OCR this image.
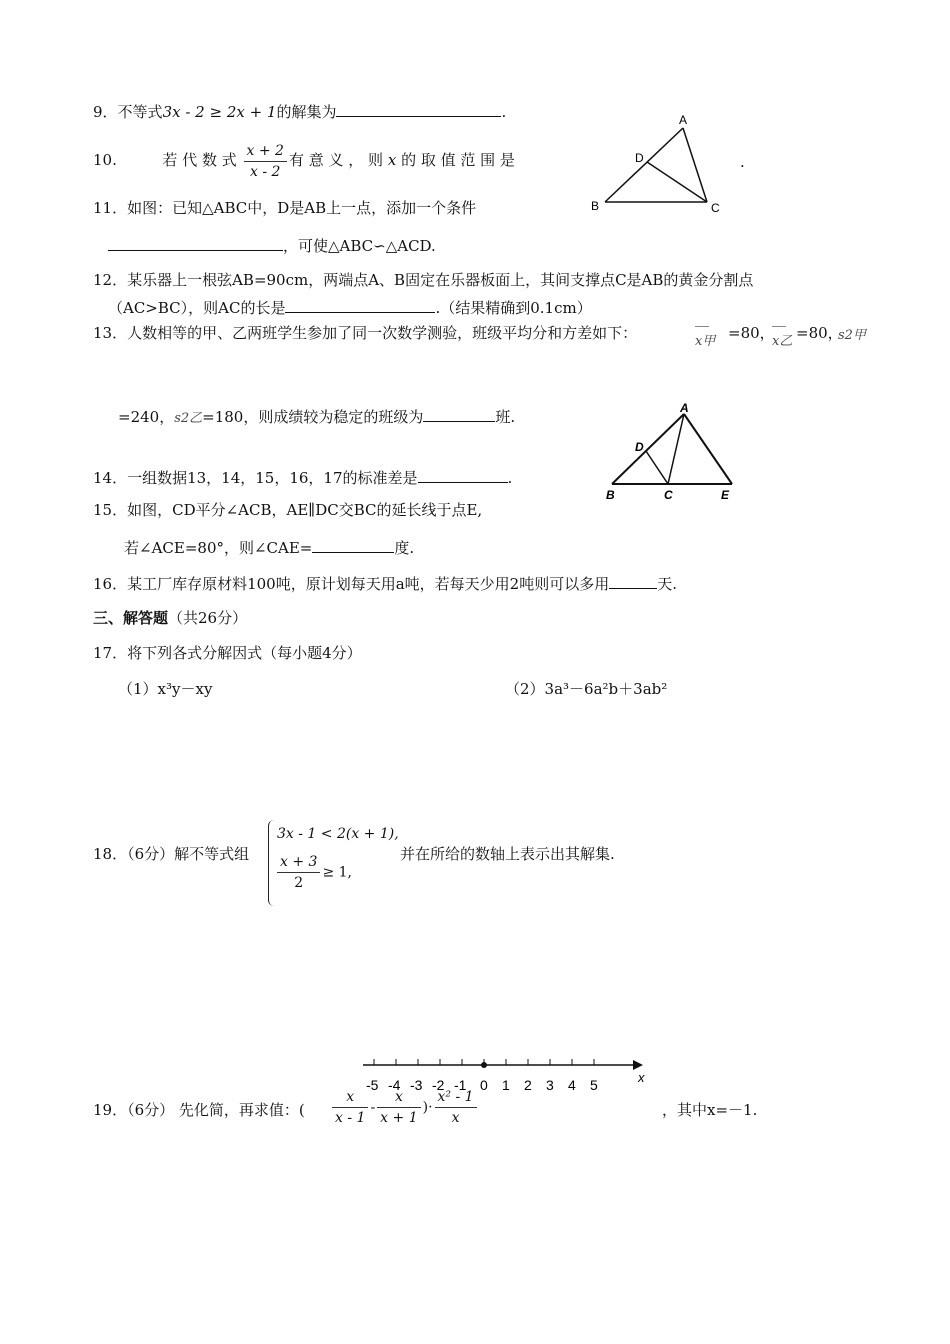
9．不等式3x - 2 ≥ 2x + 1的解集为	.
10.	若 代 数 式 $\frac{x + 2}{x - 2}$ 有 意 义 ， 则 x 的 取 值 范 围 是	.
A
B	C
D
11．如图：已知△ABC中，D是AB上一点，添加一个条件
，可使△ABC∽△ACD.
12．某乐器上一根弦AB=90cm，两端点A、B固定在乐器板面上，其间支撑点C是AB的黄金分割点
（AC>BC），则AC的长是	.（结果精确到0.1cm）
13．人数相等的甲、乙两班学生参加了同一次数学测验，班级平均分和方差如下：	x甲 =80，
x乙 =80，
s2甲
=240，s2乙=180，则成绩较为稳定的班级为	班.	A
B	C
D
E
14．一组数据13，14，15，16，17的标准差是	.
15．如图，CD平分∠ACB，AE∥DC交BC的延长线于点E,
若∠ACE=80°，则∠CAE=	度.
16．某工厂库存原材料100吨，原计划每天用a吨，若每天少用2吨则可以多用	天.
三、解答题（共26分）
17．将下列各式分解因式（每小题4分）
（1）x³y－xy	（2）3a³－6a²b＋3ab²
18．（6分）解不等式组
3x - 1 < 2(x + 1),
$\frac{x + 3}{2} \ge 1$,
并在所给的数轴上表示出其解集.
-5 -4 -3 -2 -1 0 1 2 3 4 5	x
19．（6分） 先化简，再求值：( $\frac{x}{x - 1} - \frac{x}{x + 1}$ )· $\frac{\text{x² - 1}}{x}$	，其中x=－1.
